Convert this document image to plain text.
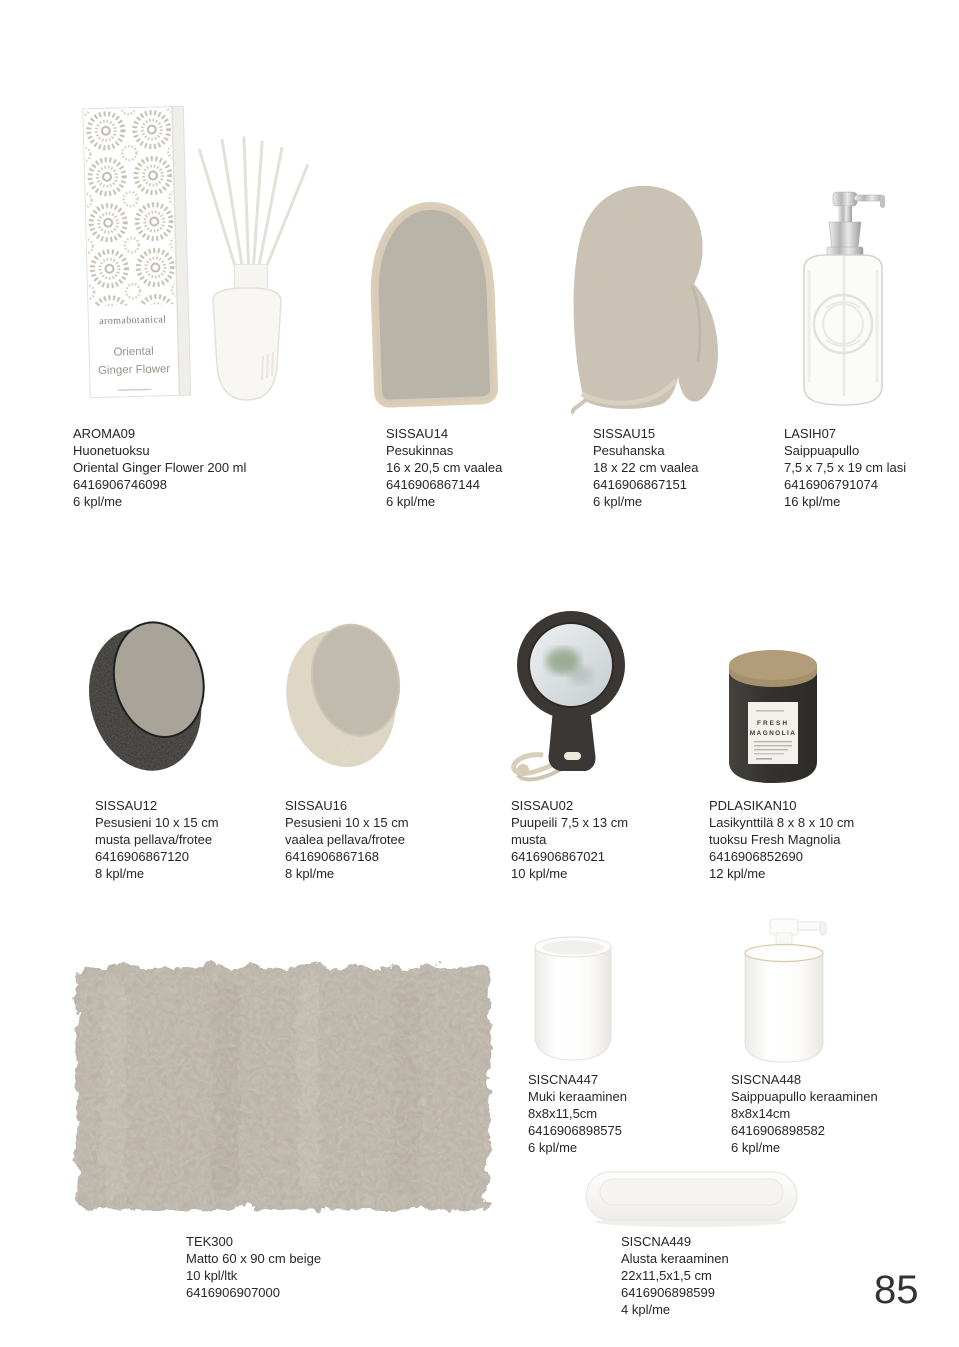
aromabotanical
Oriental
Ginger Flower
FRESH
MAGNOLIA
AROMA09
Huonetuoksu
Oriental Ginger Flower 200 ml
6416906746098
6 kpl/me
SISSAU14
Pesukinnas
16 x 20,5 cm vaalea
6416906867144
6 kpl/me
SISSAU15
Pesuhanska
18 x 22 cm vaalea
6416906867151
6 kpl/me
LASIH07
Saippuapullo
7,5 x 7,5 x 19 cm lasi
6416906791074
16 kpl/me
SISSAU12
Pesusieni 10 x 15 cm
musta pellava/frotee
6416906867120
8 kpl/me
SISSAU16
Pesusieni 10 x 15 cm
vaalea pellava/frotee
6416906867168
8 kpl/me
SISSAU02
Puupeili 7,5 x 13 cm
musta
6416906867021
10 kpl/me
PDLASIKAN10
Lasikynttilä 8 x 8 x 10 cm
tuoksu Fresh Magnolia
6416906852690
12 kpl/me
SISCNA447
Muki keraaminen
8x8x11,5cm
6416906898575
6 kpl/me
SISCNA448
Saippuapullo keraaminen
8x8x14cm
6416906898582
6 kpl/me
TEK300
Matto 60 x 90 cm beige
10 kpl/ltk
6416906907000
SISCNA449
Alusta keraaminen
22x11,5x1,5 cm
6416906898599
4 kpl/me	85
